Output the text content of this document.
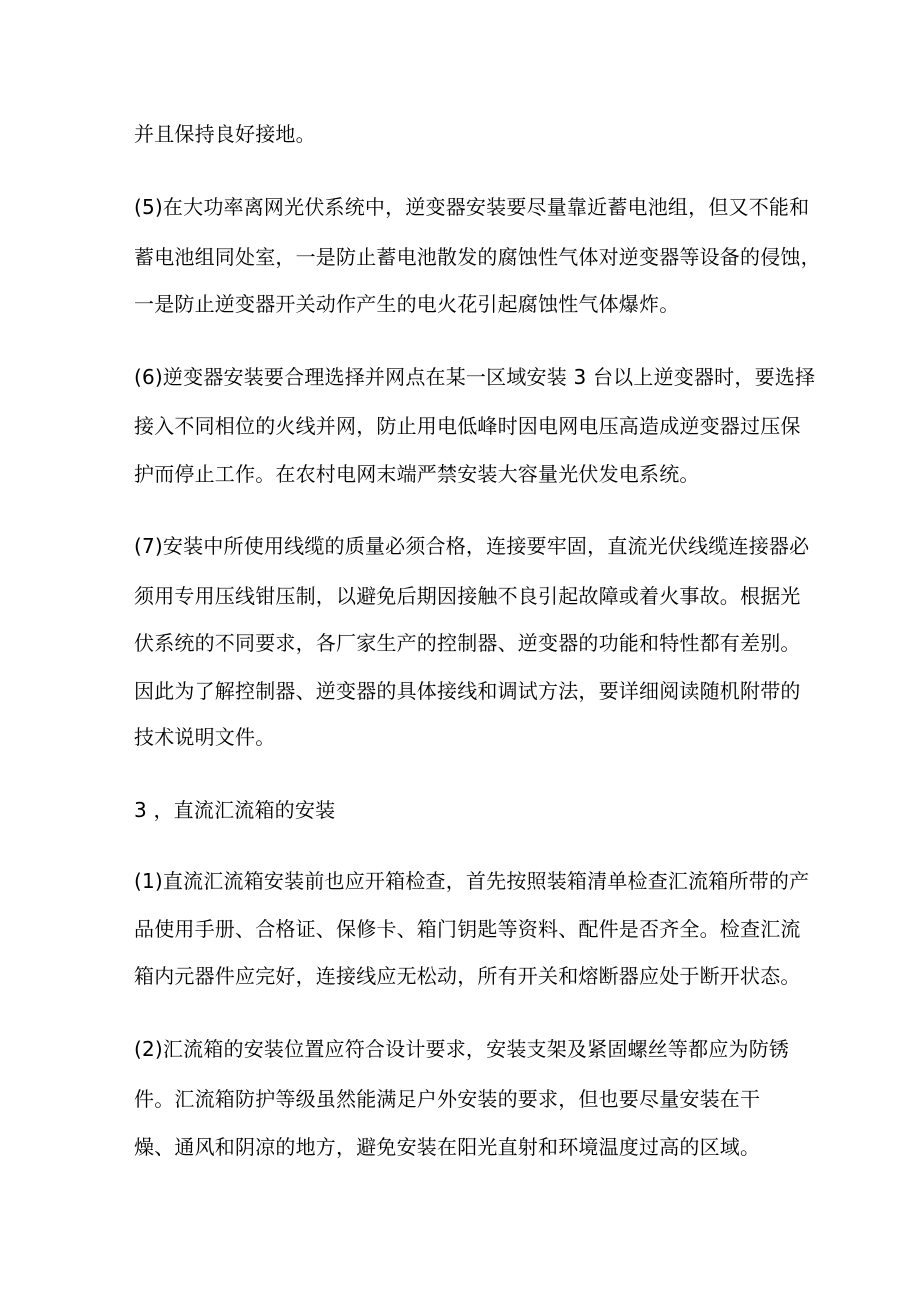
并且保持良好接地。

(5)在大功率离网光伏系统中，逆变器安装要尽量靠近蓄电池组，但又不能和

蓄电池组同处室，一是防止蓄电池散发的腐蚀性气体对逆变器等设备的侵蚀，

一是防止逆变器开关动作产生的电火花引起腐蚀性气体爆炸。

(6)逆变器安装要合理选择并网点在某一区域安装 3 台以上逆变器时，要选择

接入不同相位的火线并网，防止用电低峰时因电网电压高造成逆变器过压保

护而停止工作。在农村电网末端严禁安装大容量光伏发电系统。

(7)安装中所使用线缆的质量必须合格，连接要牢固，直流光伏线缆连接器必

须用专用压线钳压制，以避免后期因接触不良引起故障或着火事故。根据光

伏系统的不同要求，各厂家生产的控制器、逆变器的功能和特性都有差别。

因此为了解控制器、逆变器的具体接线和调试方法，要详细阅读随机附带的

技术说明文件。

3 ，直流汇流箱的安装

(1)直流汇流箱安装前也应开箱检查，首先按照装箱清单检查汇流箱所带的产

品使用手册、合格证、保修卡、箱门钥匙等资料、配件是否齐全。检查汇流

箱内元器件应完好，连接线应无松动，所有开关和熔断器应处于断开状态。

(2)汇流箱的安装位置应符合设计要求，安装支架及紧固螺丝等都应为防锈

件。汇流箱防护等级虽然能满足户外安装的要求，但也要尽量安装在干

燥、通风和阴凉的地方，避免安装在阳光直射和环境温度过高的区域。
